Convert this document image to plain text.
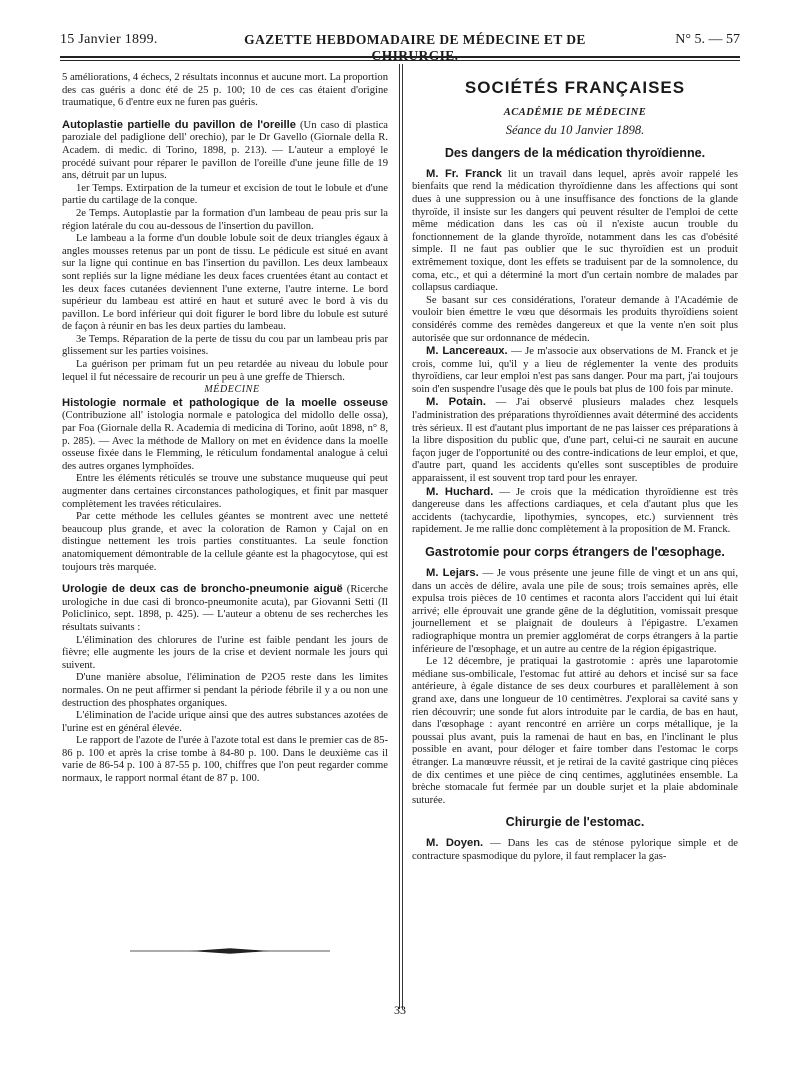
15 Janvier 1899.	GAZETTE HEBDOMADAIRE DE MÉDECINE ET DE CHIRURGIE.
N° 5. — 57

5 améliorations, 4 échecs, 2 résultats inconnus et aucune mort. La proportion des cas guéris a donc été de 25 p. 100; 10 de ces cas étaient d'origine traumatique, 6 d'entre eux ne furen pas guéris.

Autoplastie partielle du pavillon de l'oreille (Un caso di plastica paroziale del padiglione dell' orechio), par le Dr Gavello (Giornale della R. Academ. di medic. di Torino, 1898, p. 213). — L'auteur a employé le procédé suivant pour réparer le pavillon de l'oreille d'une jeune fille de 19 ans, détruit par un lupus.

1er Temps. Extirpation de la tumeur et excision de tout le lobule et d'une partie du cartilage de la conque.

2e Temps. Autoplastie par la formation d'un lambeau de peau pris sur la région latérale du cou au-dessous de l'insertion du pavillon.

Le lambeau a la forme d'un double lobule soit de deux triangles égaux à angles mousses retenus par un pont de tissu. Le pédicule est situé en avant sur la ligne qui continue en bas l'insertion du pavillon. Les deux lambeaux sont repliés sur la ligne médiane les deux faces cruentées étant au contact et les deux faces cutanées deviennent l'une externe, l'autre interne. Le bord supérieur du lambeau est attiré en haut et suturé avec le bord à vis du pavillon. Le bord inférieur qui doit figurer le bord libre du lobule est suturé de façon à réunir en bas les deux parties du lambeau.

3e Temps. Réparation de la perte de tissu du cou par un lambeau pris par glissement sur les parties voisines.

La guérison per primam fut un peu retardée au niveau du lobule pour lequel il fut nécessaire de recourir un peu à une greffe de Thiersch.

MÉDECINE

Histologie normale et pathologique de la moelle osseuse (Contribuzione all' istologia normale e patologica del midollo delle ossa), par Foa (Giornale della R. Academia di medicina di Torino, août 1898, n° 8, p. 285). — Avec la méthode de Mallory on met en évidence dans la moelle osseuse fixée dans le Flemming, le réticulum fondamental analogue à celui des autres organes lymphoïdes.

Entre les éléments réticulés se trouve une substance muqueuse qui peut augmenter dans certaines circonstances pathologiques, et finit par masquer complètement les travées réticulaires.

Par cette méthode les cellules géantes se montrent avec une netteté beaucoup plus grande, et avec la coloration de Ramon y Cajal on en distingue nettement les trois parties constituantes. La seule fonction anatomiquement démontrable de la cellule géante est la phagocytose, qui est toujours très marquée.

Urologie de deux cas de broncho-pneumonie aiguë (Ricerche urologiche in due casi di bronco-pneumonite acuta), par Giovanni Setti (Il Policlinico, sept. 1898, p. 425). — L'auteur a obtenu de ses recherches les résultats suivants :

L'élimination des chlorures de l'urine est faible pendant les jours de fièvre; elle augmente les jours de la crise et devient normale les jours qui suivent.

D'une manière absolue, l'élimination de P2O5 reste dans les limites normales. On ne peut affirmer si pendant la période fébrile il y a ou non une destruction des phosphates organiques.

L'élimination de l'acide urique ainsi que des autres substances azotées de l'urine est en général élevée.

Le rapport de l'azote de l'urée à l'azote total est dans le premier cas de 85-86 p. 100 et après la crise tombe à 84-80 p. 100. Dans le deuxième cas il varie de 86-54 p. 100 à 87-55 p. 100, chiffres que l'on peut regarder comme normaux, le rapport normal étant de 87 p. 100.

SOCIÉTÉS FRANÇAISES
ACADÉMIE DE MÉDECINE
Séance du 10 Janvier 1898.
Des dangers de la médication thyroïdienne.

M. Fr. Franck lit un travail dans lequel, après avoir rappelé les bienfaits que rend la médication thyroïdienne dans les affections qui sont dues à une suppression ou à une insuffisance des fonctions de la glande thyroïde, il insiste sur les dangers qui peuvent résulter de l'emploi de cette même médication dans les cas où il n'existe aucun trouble du fonctionnement de la glande thyroïde, notamment dans les cas d'obésité simple. Il ne faut pas oublier que le suc thyroïdien est un produit extrêmement toxique, dont les effets se traduisent par de la somnolence, du coma, etc., et qui a déterminé la mort d'un certain nombre de malades par collapsus cardiaque.

Se basant sur ces considérations, l'orateur demande à l'Académie de vouloir bien émettre le vœu que désormais les produits thyroïdiens soient considérés comme des remèdes dangereux et que la vente n'en soit plus autorisée que sur ordonnance de médecin.

M. Lancereaux. — Je m'associe aux observations de M. Franck et je crois, comme lui, qu'il y a lieu de réglementer la vente des produits thyroïdiens, car leur emploi n'est pas sans danger. Pour ma part, j'ai toujours soin d'en suspendre l'usage dès que le pouls bat plus de 100 fois par minute.

M. Potain. — J'ai observé plusieurs malades chez lesquels l'administration des préparations thyroïdiennes avait déterminé des accidents très sérieux. Il est d'autant plus important de ne pas laisser ces préparations à la libre disposition du public que, d'une part, celui-ci ne saurait en aucune façon juger de l'opportunité ou des contre-indications de leur emploi, et que, d'autre part, quand les accidents qu'elles sont susceptibles de produire apparaissent, il est souvent trop tard pour les enrayer.

M. Huchard. — Je crois que la médication thyroïdienne est très dangereuse dans les affections cardiaques, et cela d'autant plus que les accidents (tachycardie, lipothymies, syncopes, etc.) surviennent très rapidement. Je me rallie donc complètement à la proposition de M. Franck.

Gastrotomie pour corps étrangers de l'œsophage.

M. Lejars. — Je vous présente une jeune fille de vingt et un ans qui, dans un accès de délire, avala une pile de sous; trois semaines après, elle expulsa trois pièces de 10 centimes et raconta alors l'accident qui lui était arrivé; elle éprouvait une grande gêne de la déglutition, vomissait presque journellement et se plaignait de douleurs à l'épigastre. L'examen radiographique montra un premier agglomérat de corps étrangers à la partie inférieure de l'œsophage, et un autre au centre de la région épigastrique.

Le 12 décembre, je pratiquai la gastrotomie : après une laparotomie médiane sus-ombilicale, l'estomac fut attiré au dehors et incisé sur sa face antérieure, à égale distance de ses deux courbures et parallèlement à son grand axe, dans une longueur de 10 centimètres. J'explorai sa cavité sans y rien découvrir; une sonde fut alors introduite par le cardia, de bas en haut, dans l'œsophage : ayant rencontré en arrière un corps métallique, je la poussai plus avant, puis la ramenai de haut en bas, en l'inclinant le plus possible en avant, pour déloger et faire tomber dans l'estomac le corps étranger. La manœuvre réussit, et je retirai de la cavité gastrique cinq pièces de dix centimes et une pièce de cinq centimes, agglutinées ensemble. La brèche stomacale fut fermée par un double surjet et la plaie abdominale suturée.

Chirurgie de l'estomac.

M. Doyen. — Dans les cas de sténose pylorique simple et de contracture spasmodique du pylore, il faut remplacer la gas-

33
